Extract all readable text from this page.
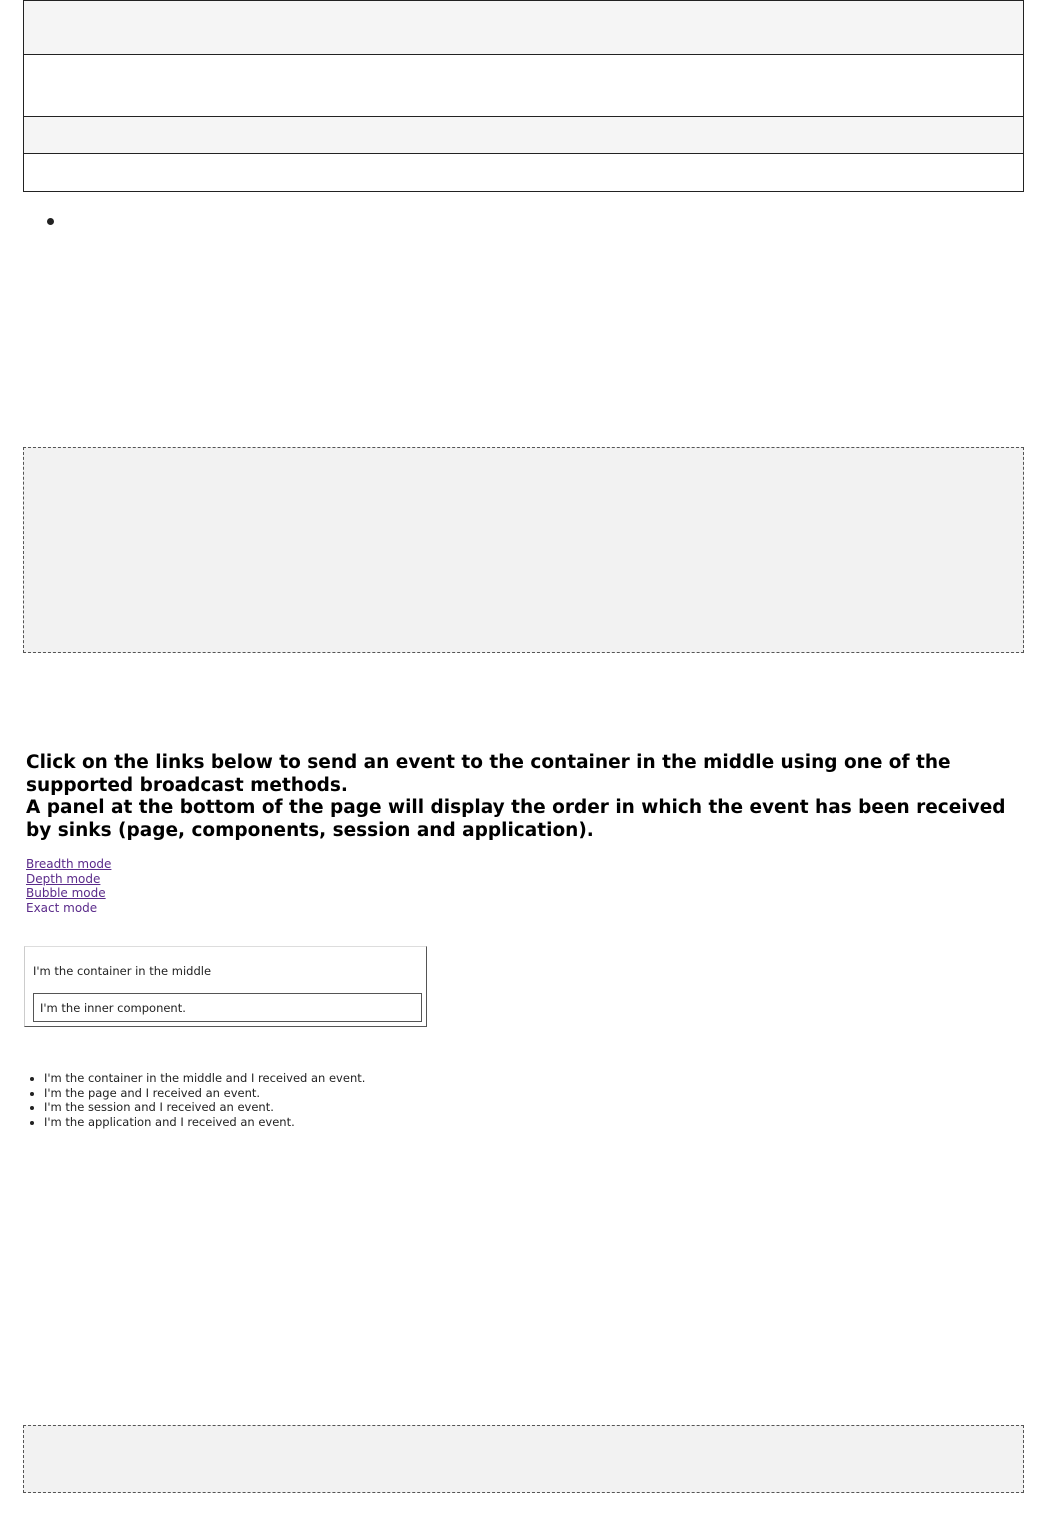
Click on the links below to send an event to the container in the middle using one of the supported broadcast methods.

A panel at the bottom of the page will display the order in which the event has been received by sinks (page, components, session and application).

Breadth mode
Depth mode
Bubble mode
Exact mode
I'm the container in the middle
I'm the inner component.
• I'm the container in the middle and I received an event.
• I'm the page and I received an event.
• I'm the session and I received an event.
• I'm the application and I received an event.
